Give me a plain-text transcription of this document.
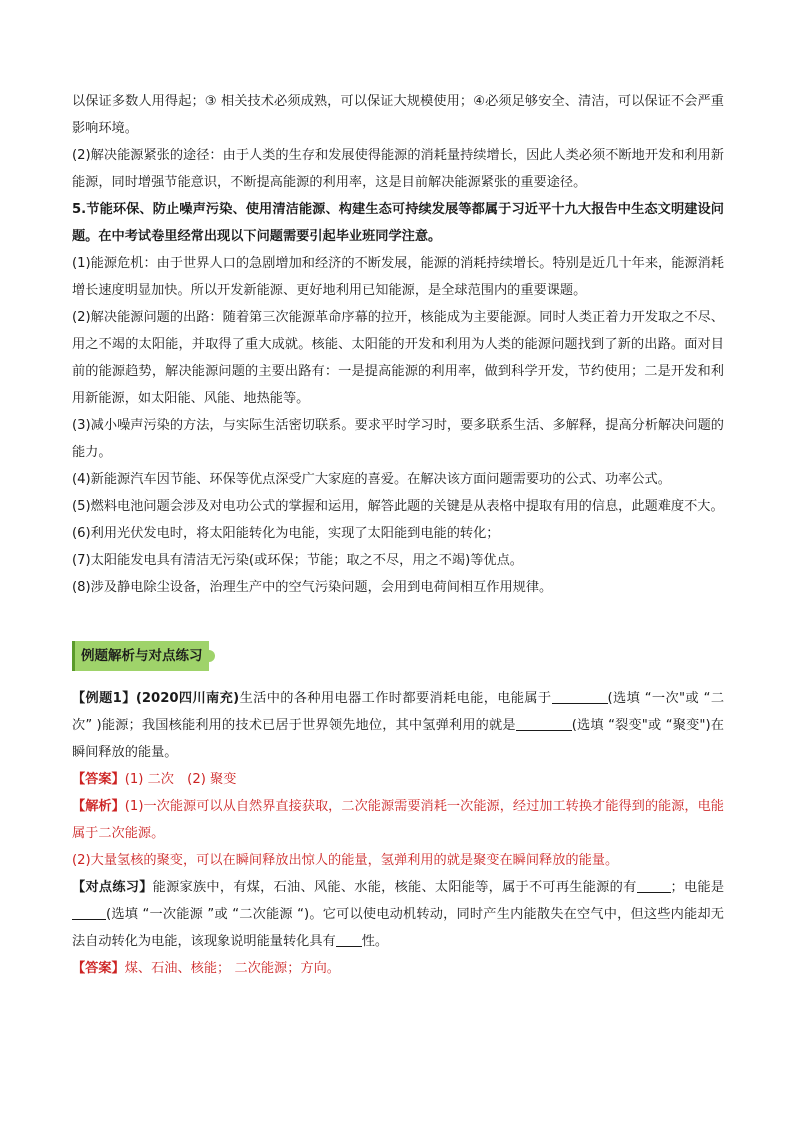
以保证多数人用得起；③ 相关技术必须成熟，可以保证大规模使用；④必须足够安全、清洁，可以保证不会严重影响环境。

(2)解决能源紧张的途径：由于人类的生存和发展使得能源的消耗量持续增长，因此人类必须不断地开发和利用新能源，同时增强节能意识，不断提高能源的利用率，这是目前解决能源紧张的重要途径。

5.节能环保、防止噪声污染、使用清洁能源、构建生态可持续发展等都属于习近平十九大报告中生态文明建设问题。在中考试卷里经常出现以下问题需要引起毕业班同学注意。

(1)能源危机：由于世界人口的急剧增加和经济的不断发展，能源的消耗持续增长。特别是近几十年来，能源消耗增长速度明显加快。所以开发新能源、更好地利用已知能源，是全球范围内的重要课题。

(2)解决能源问题的出路：随着第三次能源革命序幕的拉开，核能成为主要能源。同时人类正着力开发取之不尽、用之不竭的太阳能，并取得了重大成就。核能、太阳能的开发和利用为人类的能源问题找到了新的出路。面对目前的能源趋势，解决能源问题的主要出路有：一是提高能源的利用率，做到科学开发，节约使用；二是开发和利用新能源，如太阳能、风能、地热能等。

(3)减小噪声污染的方法，与实际生活密切联系。要求平时学习时，要多联系生活、多解释，提高分析解决问题的能力。

(4)新能源汽车因节能、环保等优点深受广大家庭的喜爱。在解决该方面问题需要功的公式、功率公式。

(5)燃料电池问题会涉及对电功公式的掌握和运用，解答此题的关键是从表格中提取有用的信息，此题难度不大。

(6)利用光伏发电时，将太阳能转化为电能，实现了太阳能到电能的转化；

(7)太阳能发电具有清洁无污染(或环保；节能；取之不尽，用之不竭)等优点。

(8)涉及静电除尘设备，治理生产中的空气污染问题，会用到电荷间相互作用规律。

例题解析与对点练习

【例题1】(2020四川南充)生活中的各种用电器工作时都要消耗电能，电能属于	(选填 “一次"或 “二次” )能源；我国核能利用的技术已居于世界领先地位，其中氢弹利用的就是	(选填 “裂变"或 “聚变")在瞬间释放的能量。

【答案】(1) 二次　(2) 聚变

【解析】(1)一次能源可以从自然界直接获取，二次能源需要消耗一次能源，经过加工转换才能得到的能源，电能属于二次能源。

(2)大量氢核的聚变，可以在瞬间释放出惊人的能量，氢弹利用的就是聚变在瞬间释放的能量。

【对点练习】能源家族中，有煤，石油、风能、水能，核能、太阳能等，属于不可再生能源的有	；电能是(选填 “一次能源 ”或 “二次能源 “)。它可以使电动机转动，同时产生内能散失在空气中，但这些内能却无法自动转化为电能，该现象说明能量转化具有 性。

【答案】煤、石油、核能； 二次能源；方向。
